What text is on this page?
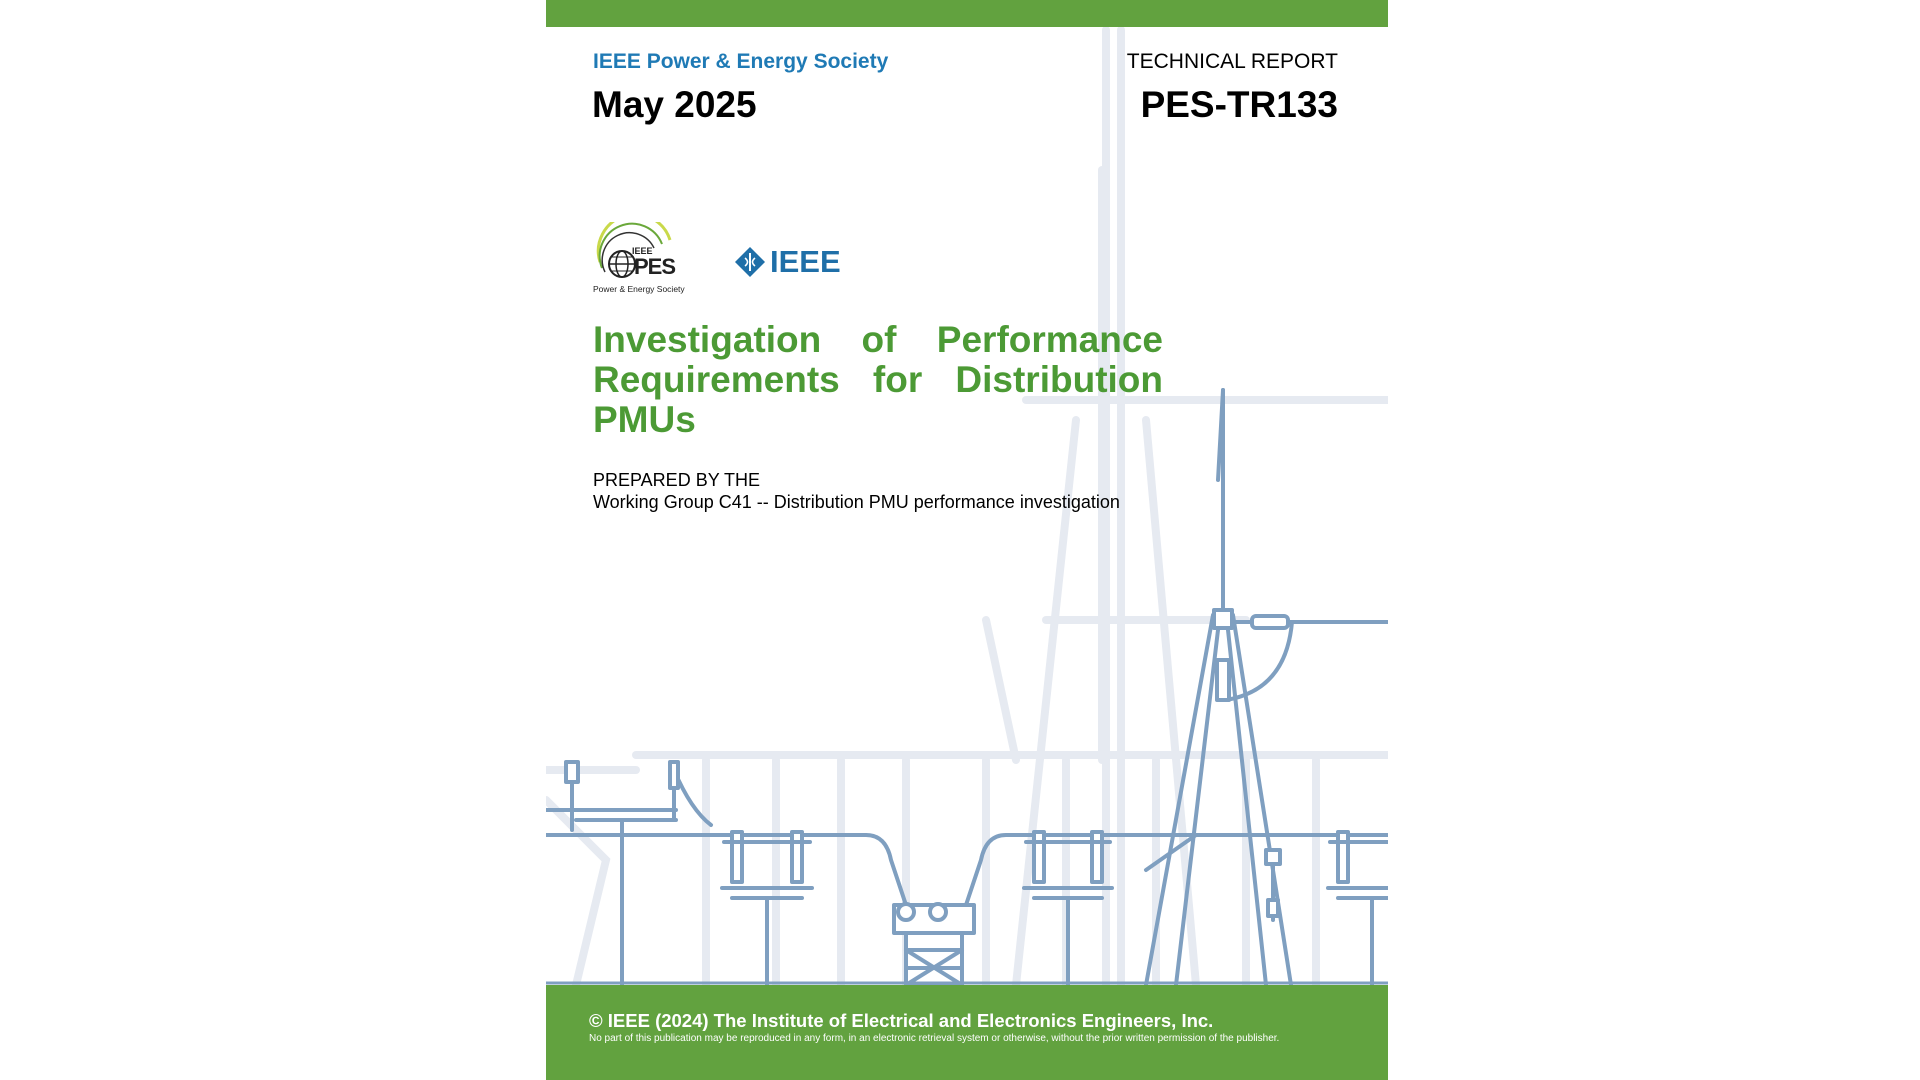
IEEE Power & Energy Society
May 2025
TECHNICAL REPORT
PES-TR133
IEEE
PES
Power & Energy Society
IEEE
Investigation of Performance Requirements for Distribution PMUs
PREPARED BY THE
Working Group C41 -- Distribution PMU performance investigation
© IEEE (2024) The Institute of Electrical and Electronics Engineers, Inc.
No part of this publication may be reproduced in any form, in an electronic retrieval system or otherwise, without the prior written permission of the publisher.
